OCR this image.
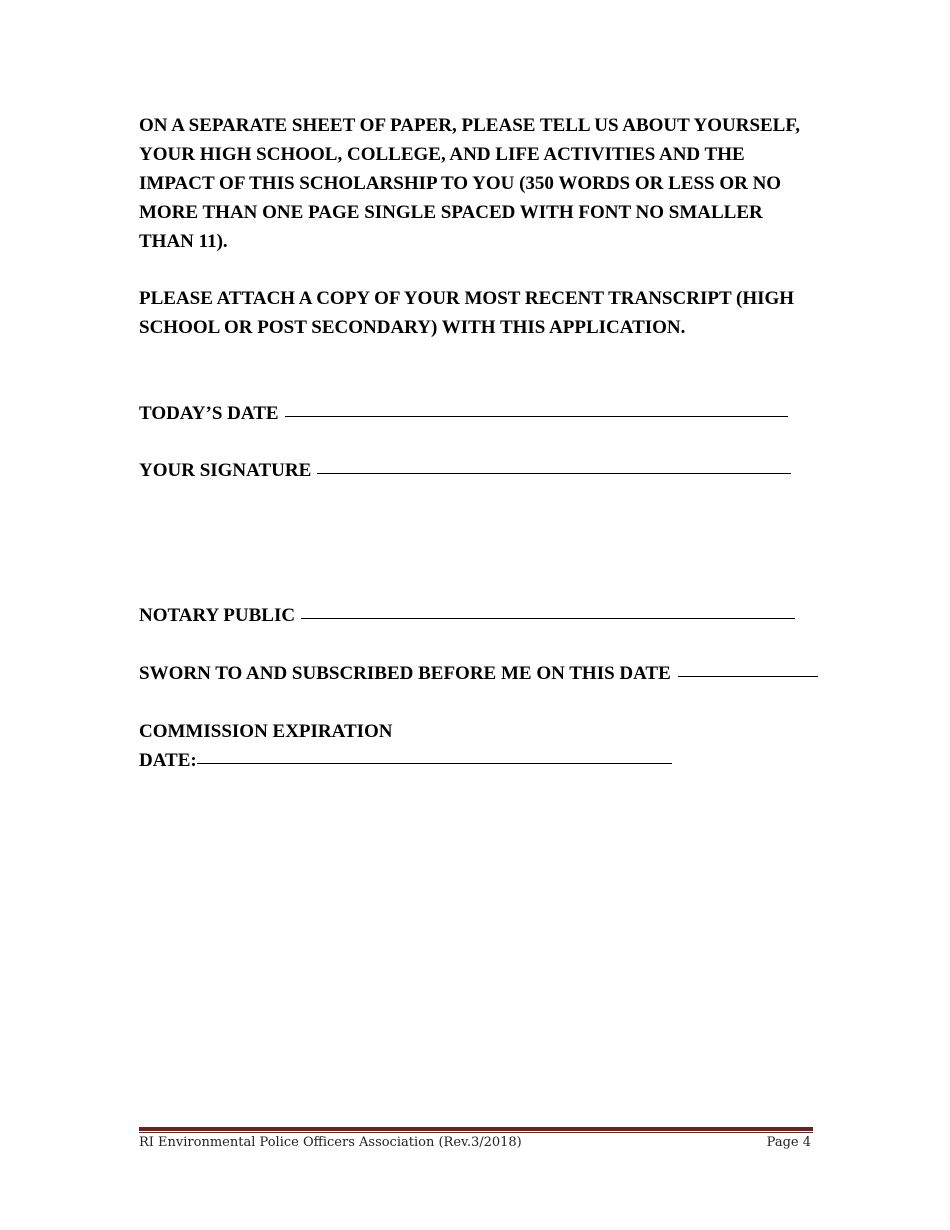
ON A SEPARATE SHEET OF PAPER, PLEASE TELL US ABOUT YOURSELF, YOUR HIGH SCHOOL, COLLEGE, AND LIFE ACTIVITIES AND THE IMPACT OF THIS SCHOLARSHIP TO YOU (350 WORDS OR LESS OR NO MORE THAN ONE PAGE SINGLE SPACED WITH FONT NO SMALLER THAN 11).

PLEASE ATTACH A COPY OF YOUR MOST RECENT TRANSCRIPT (HIGH SCHOOL OR POST SECONDARY) WITH THIS APPLICATION.

TODAY’S DATE
YOUR SIGNATURE
NOTARY PUBLIC
SWORN TO AND SUBSCRIBED BEFORE ME ON THIS DATE
COMMISSION EXPIRATION
DATE:
RI Environmental Police Officers Association (Rev.3/2018)	Page 4
